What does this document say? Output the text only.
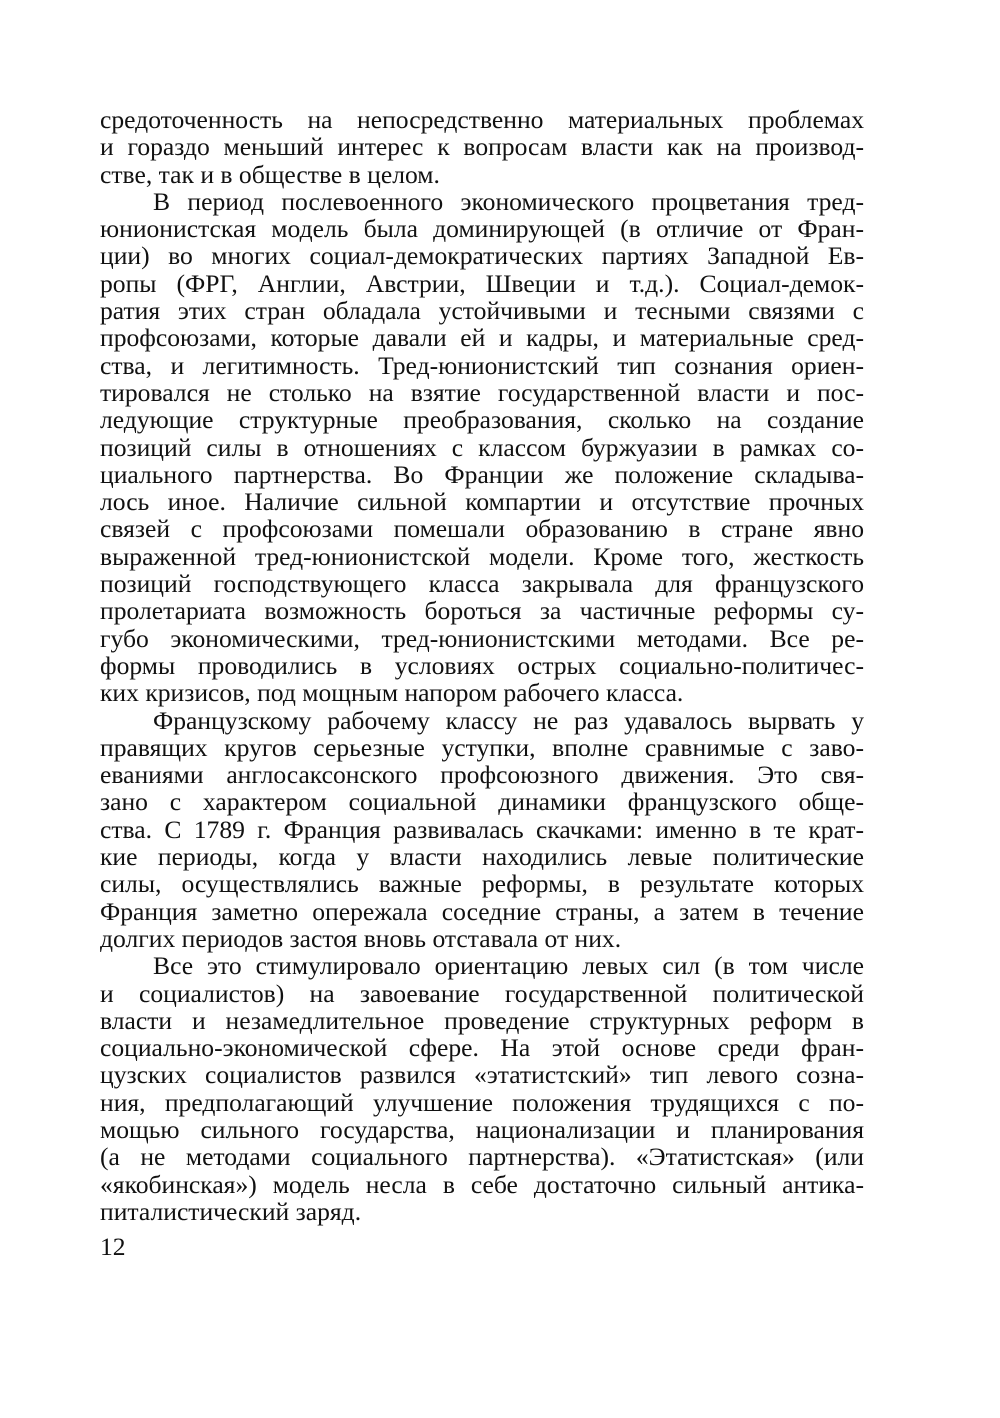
средоточенность на непосредственно материальных проблемах
и гораздо меньший интерес к вопросам власти как на производ-
стве, так и в обществе в целом.
В период послевоенного экономического процветания тред-
юнионистская модель была доминирующей (в отличие от Фран-
ции) во многих социал-демократических партиях Западной Ев-
ропы (ФРГ, Англии, Австрии, Швеции и т.д.). Социал-демок-
ратия этих стран обладала устойчивыми и тесными связями с
профсоюзами, которые давали ей и кадры, и материальные сред-
ства, и легитимность. Тред-юнионистский тип сознания ориен-
тировался не столько на взятие государственной власти и пос-
ледующие структурные преобразования, сколько на создание
позиций силы в отношениях с классом буржуазии в рамках со-
циального партнерства. Во Франции же положение складыва-
лось иное. Наличие сильной компартии и отсутствие прочных
связей с профсоюзами помешали образованию в стране явно
выраженной тред-юнионистской модели. Кроме того, жесткость
позиций господствующего класса закрывала для французского
пролетариата возможность бороться за частичные реформы су-
губо экономическими, тред-юнионистскими методами. Все ре-
формы проводились в условиях острых социально-политичес-
ких кризисов, под мощным напором рабочего класса.
Французскому рабочему классу не раз удавалось вырвать у
правящих кругов серьезные уступки, вполне сравнимые с заво-
еваниями англосаксонского профсоюзного движения. Это свя-
зано с характером социальной динамики французского обще-
ства. С 1789 г. Франция развивалась скачками: именно в те крат-
кие периоды, когда у власти находились левые политические
силы, осуществлялись важные реформы, в результате которых
Франция заметно опережала соседние страны, а затем в течение
долгих периодов застоя вновь отставала от них.
Все это стимулировало ориентацию левых сил (в том числе
и социалистов) на завоевание государственной политической
власти и незамедлительное проведение структурных реформ в
социально-экономической сфере. На этой основе среди фран-
цузских социалистов развился «этатистский» тип левого созна-
ния, предполагающий улучшение положения трудящихся с по-
мощью сильного государства, национализации и планирования
(а не методами социального партнерства). «Этатистская» (или
«якобинская») модель несла в себе достаточно сильный антика-
питалистический заряд.
12
